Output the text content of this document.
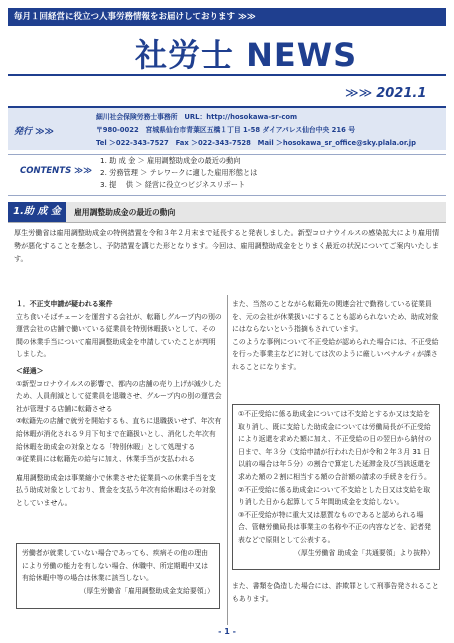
毎月１回経営に役立つ人事労務情報をお届けしております ≫≫
社労士 NEWS
≫≫ 2021.1
発行 ≫≫
細川社会保険労務士事務所　URL：http://hosokawa-sr-com
〒980-0022　宮城県仙台市青葉区五橋１丁目 1-58 ダイアパレス仙台中央 216 号
Tel ＞022-343-7527　Fax ＞022-343-7528　Mail ＞hosokawa_sr_office@sky.plala.or.jp
CONTENTS ≫≫
1. 助 成 金 ＞ 雇用調整助成金の最近の動向
2. 労務管理 ＞ テレワークに適した雇用形態とは
3. 提　 供 ＞ 経営に役立つビジネスリポート
1.助 成 金	雇用調整助成金の最近の動向
厚生労働省は雇用調整助成金の特例措置を令和３年２月末まで延長すると発表しました。新型コロナウイルスの感染拡大により雇用情勢が悪化することを懸念し、予防措置を講じた形となります。今回は、雇用調整助成金をとりまく最近の状況についてご案内いたします。

１．不正支申請が疑われる案件

立ち食いそばチェーンを運営する会社が、転籍しグループ内の別の運営会社の店舗で働いている従業員を特別休暇扱いとして、その間の休業手当について雇用調整助成金を申請していたことが判明しました。

＜経過＞

①新型コロナウイルスの影響で、都内の店舗の売り上げが減少したため、人員削減として従業員を退職させ、グループ内の別の運営会社が管理する店舗に転籍させる

②転籍先の店舗で就労を開始するも、直ちに退職扱いせず、年次有給休暇が消化される９月下旬まで在籍扱いとし、消化した年次有給休暇を助成金の対象となる「特別休暇」として処理する

③従業員には転籍先の給与に加え、休業手当が支払われる

雇用調整助成金は事業縮小で休業させた従業員への休業手当を支払う助成対象としており、賃金を支払う年次有給休暇はその対象としていません。

労働者が就業していない場合であっても、疾病その他の理由により労働の能力を有しない場合、休職中、所定期暇中又は有給休暇中等の場合は休業に該当しない。

（厚生労働省「雇用調整助成金支給要領」）

また、当然のことながら転籍先の関連会社で勤務している従業員を、元の会社が休業扱いにすることも認められないため、助成対象にはならないという指摘もされています。

このような事例について不正受給が認められた場合には、不正受給を行った事業主などに対しては次のように厳しいペナルティが課されることになります。

①不正受給に係る助成金については不支給とするか又は支給を取り消し、既に支給した助成金については労働局長が不正受給により返還を求めた額に加え、不正受給の日の翌日から納付の日まで、年３分（支給申請が行われた日が令和２年３月 31 日以前の場合は年５分）の割合で算定した延滞金及び当該返還を求めた額の２割に相当する額の合計額の請求の手続きを行う。

②不正受給に係る助成金について不支給とした日又は支給を取り消した日から起算して５年間助成金を支給しない。

③不正受給が特に重大又は悪質なものであると認められる場合、管轄労働局長は事業主の名称や不正の内容などを、記者発表などで原則として公表する。

（厚生労働省 助成金「共通要領」より抜粋）

また、書類を偽造した場合には、詐欺罪として刑事告発されることもあります。
- 1 -
